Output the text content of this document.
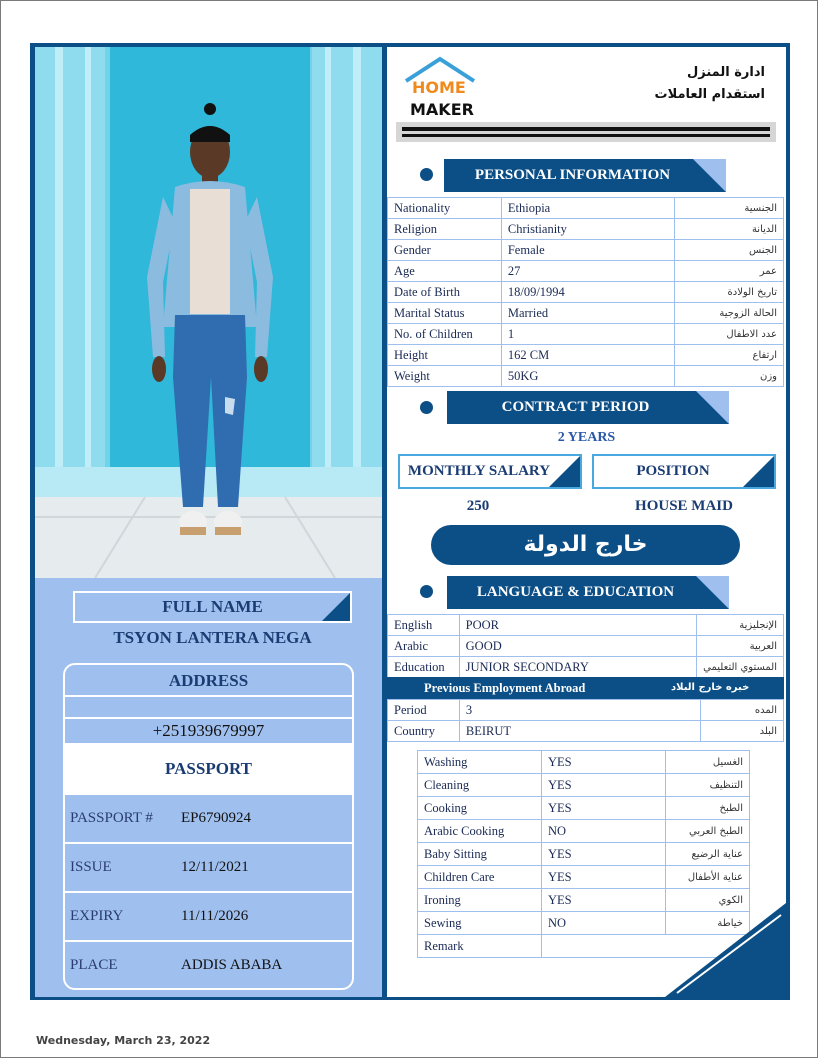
FULL NAME
TSYON LANTERA NEGA
ADDRESS
+251939679997
PASSPORT
PASSPORT #	EP6790924
ISSUE	12/11/2021
EXPIRY	11/11/2026
PLACE	ADDIS ABABA
HOME
MAKER
ادارة المنزل
استقدام العاملات
PERSONAL INFORMATION
Nationality	Ethiopia	الجنسية
Religion	Christianity	الديانة
Gender	Female	الجنس
Age	27	عمر
Date of Birth	18/09/1994	تاريخ الولادة
Marital Status	Married	الحالة الزوجية
No. of Children	1	عدد الاطفال
Height	162 CM	ارتفاع
Weight	50KG	وزن
CONTRACT PERIOD
2 YEARS
MONTHLY SALARY	POSITION
250	HOUSE MAID
خارج الدولة
LANGUAGE & EDUCATION
English	POOR	الإنجليزية
Arabic	GOOD	العربية
Education	JUNIOR SECONDARY	المستوي التعليمي
Previous Employment Abroad	خبره خارج البلاد
Period	3	المده
Country	BEIRUT	البلد
Washing	YES	الغسيل
Cleaning	YES	التنظيف
Cooking	YES	الطبخ
Arabic Cooking	NO	الطبخ العربي
Baby Sitting	YES	عناية الرضيع
Children Care	YES	عناية الأطفال
Ironing	YES	الكوي
Sewing	NO	خياطة
Remark		
Wednesday, March 23, 2022
